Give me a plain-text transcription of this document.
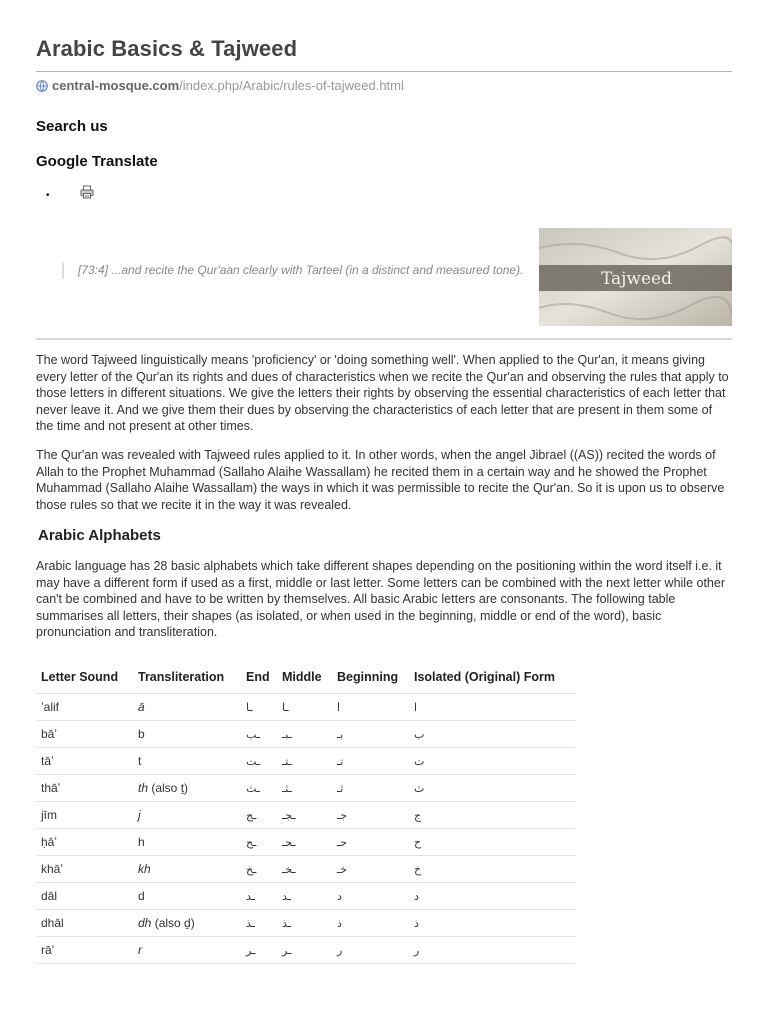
Arabic Basics & Tajweed
central-mosque.com /index.php/Arabic/rules-of-tajweed.html
Search us
Google Translate
•
[73:4] ...and recite the Qur'aan clearly with Tarteel (in a distinct and measured tone).	Tajweed

The word Tajweed linguistically means 'proficiency' or 'doing something well'. When applied to the Qur'an, it means giving every letter of the Qur'an its rights and dues of characteristics when we recite the Qur'an and observing the rules that apply to those letters in different situations. We give the letters their rights by observing the essential characteristics of each letter that never leave it. And we give them their dues by observing the characteristics of each letter that are present in them some of the time and not present at other times.

The Qur'an was revealed with Tajweed rules applied to it. In other words, when the angel Jibrael ((AS)) recited the words of Allah to the Prophet Muhammad (Sallaho Alaihe Wassallam) he recited them in a certain way and he showed the Prophet Muhammad (Sallaho Alaihe Wassallam) the ways in which it was permissible to recite the Qur'an. So it is upon us to observe those rules so that we recite it in the way it was revealed.

Arabic Alphabets

Arabic language has 28 basic alphabets which take different shapes depending on the positioning within the word itself i.e. it may have a different form if used as a first, middle or last letter. Some letters can be combined with the next letter while other can't be combined and have to be written by themselves. All basic Arabic letters are consonants. The following table summarises all letters, their shapes (as isolated, or when used in the beginning, middle or end of the word), basic pronunciation and transliteration.

Letter Sound	Transliteration	End	Middle	Beginning	Isolated (Original) Form
ʼalif	ā	ـا	ـا	ا	ا
bāʼ	b	ـب	ـبـ	بـ	ب
tāʼ	t	ـت	ـتـ	تـ	ت
thāʼ	th (also ṯ)	ـث	ـثـ	ثـ	ث
jīm	j	ـج	ـجـ	جـ	ج
ḥāʼ	h	ـح	ـحـ	حـ	ح
khāʼ	kh	ـخ	ـخـ	خـ	خ
dāl	d	ـد	ـد	د	د
dhāl	dh (also ḏ)	ـذ	ـذ	ذ	ذ
rāʼ	r	ـر	ـر	ر	ر
